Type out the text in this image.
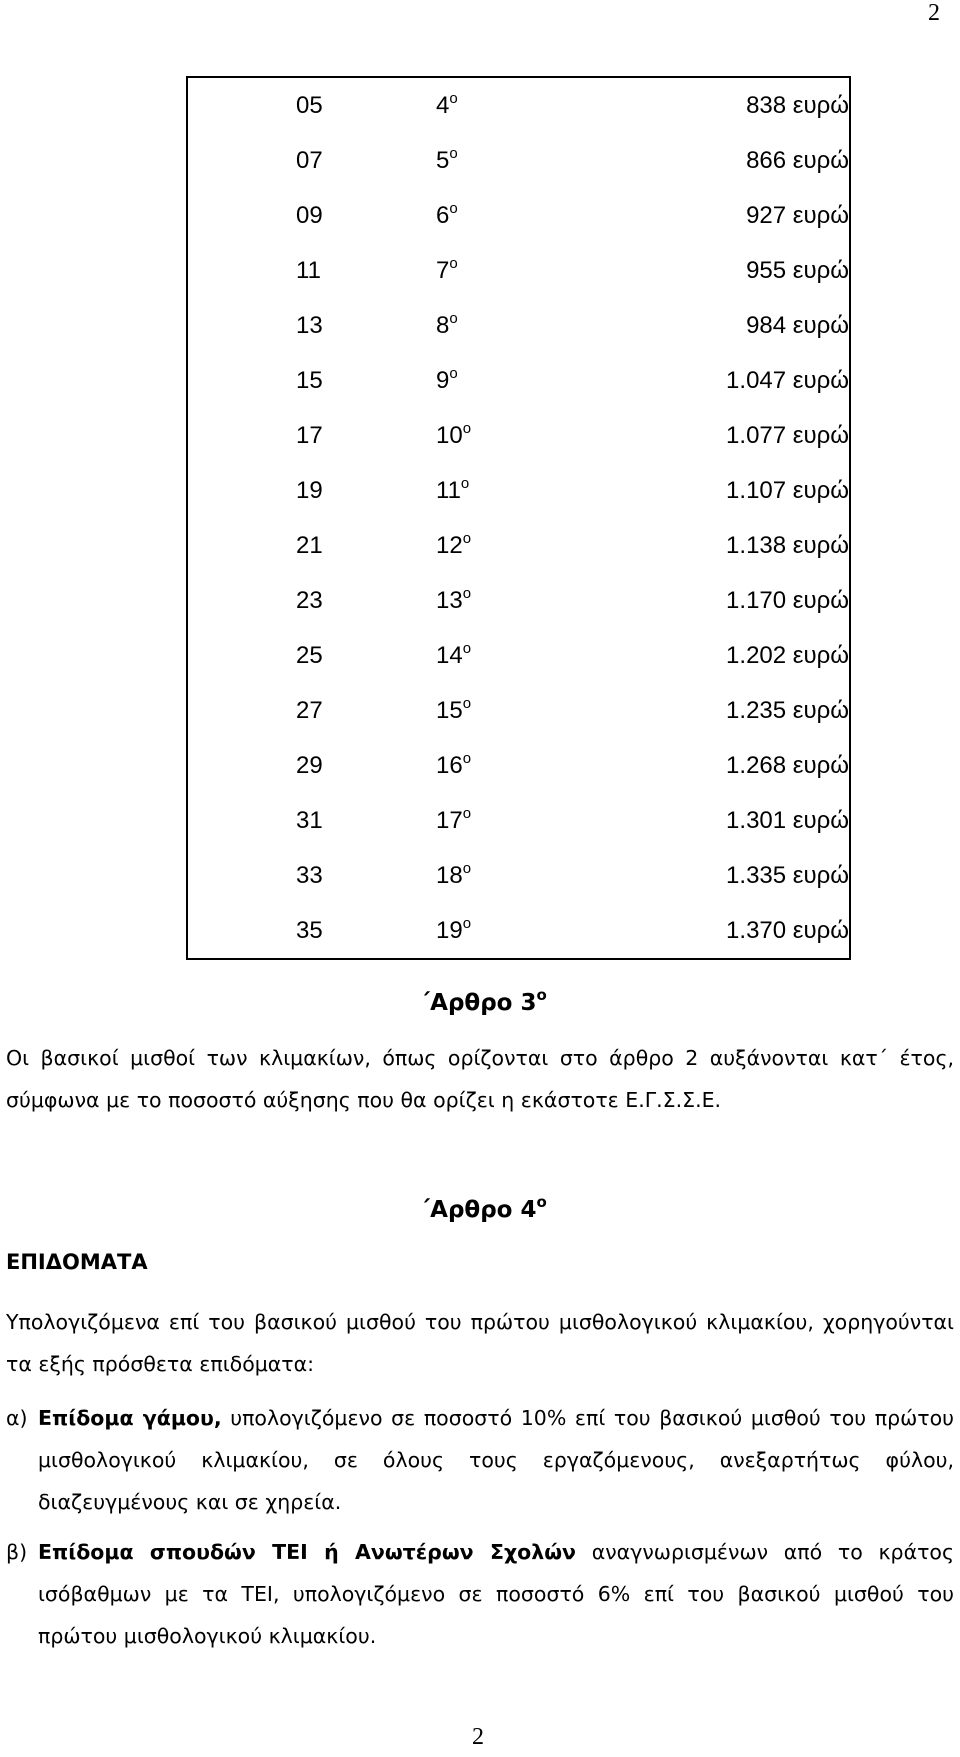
2
05	$4^o$	838 ευρώ
07	$5^o$	866 ευρώ
09	$6^o$	927 ευρώ
11	$7^o$	955 ευρώ
13	$8^o$	984 ευρώ
15	$9^o$	1.047 ευρώ
17	$10^o$	1.077 ευρώ
19	$11^o$	1.107 ευρώ
21	$12^o$	1.138 ευρώ
23	$13^o$	1.170 ευρώ
25	$14^o$	1.202 ευρώ
27	$15^o$	1.235 ευρώ
29	$16^o$	1.268 ευρώ
31	$17^o$	1.301 ευρώ
33	$18^o$	1.335 ευρώ
35	$19^o$	1.370 ευρώ
΄Αρθρο $3^o$
Οι βασικοί μισθοί των κλιμακίων, όπως ορίζονται στο άρθρο 2 αυξάνονται κατ΄ έτος, σύμφωνα με το ποσοστό αύξησης που θα ορίζει η εκάστοτε Ε.Γ.Σ.Σ.Ε.
΄Αρθρο $4^o$
ΕΠΙΔΟΜΑΤΑ
Υπολογιζόμενα επί του βασικού μισθού του πρώτου μισθολογικού κλιμακίου, χορηγούνται τα εξής πρόσθετα επιδόματα:
α) Επίδομα γάμου, υπολογιζόμενο σε ποσοστό 10% επί του βασικού μισθού του πρώτου μισθολογικού κλιμακίου, σε όλους τους εργαζόμενους, ανεξαρτήτως φύλου, διαζευγμένους και σε χηρεία.
β) Επίδομα σπουδών ΤΕΙ ή Ανωτέρων Σχολών αναγνωρισμένων από το κράτος ισόβαθμων με τα ΤΕΙ, υπολογιζόμενο σε ποσοστό 6% επί του βασικού μισθού του πρώτου μισθολογικού κλιμακίου.
2
